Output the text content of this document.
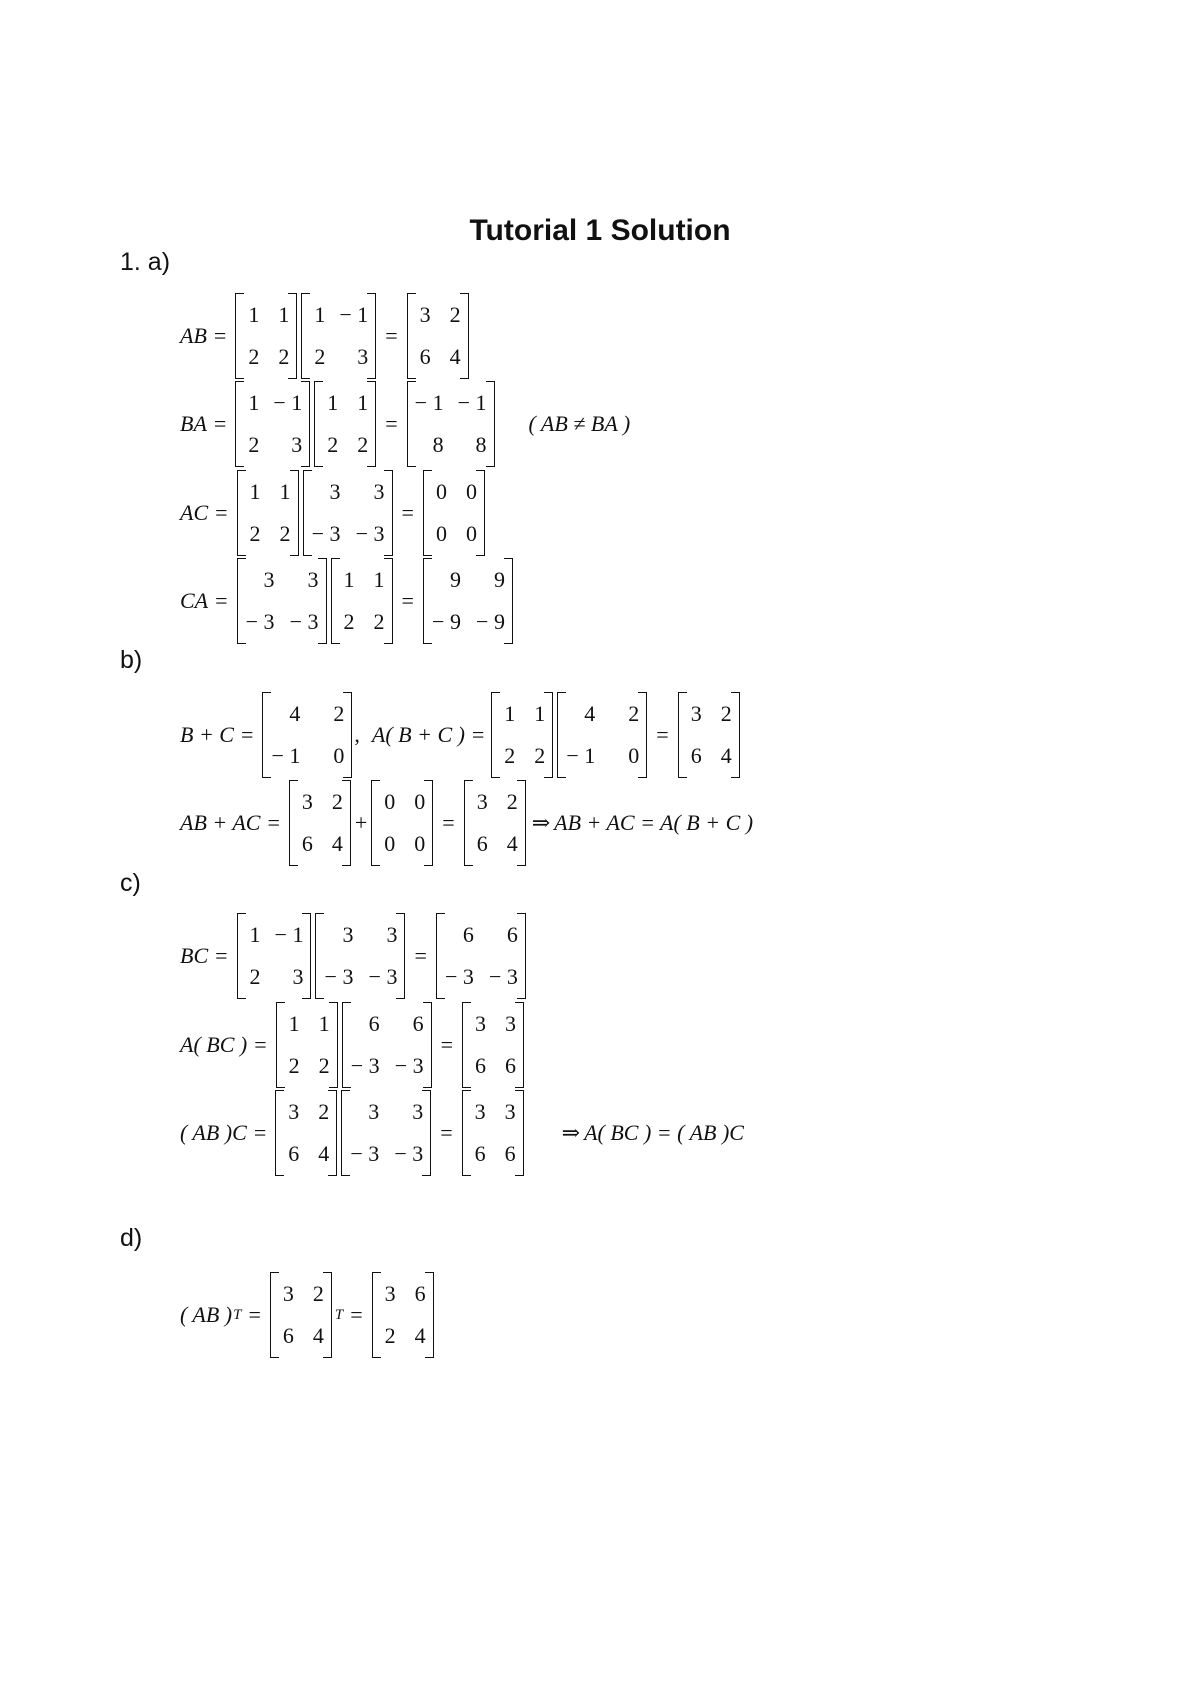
Tutorial 1 Solution
1. a)
AB =
1 1
2 2
1 − 1
2	3
=
3 2
6 4
BA =
1 − 1
2	3
1 1
2 2
=
− 1 − 1
8	8
( AB ≠ BA )
AC =
1 1
2 2
3	3
− 3 − 3
=
0 0
0 0
CA =
3	3
− 3 − 3
1 1
2 2
=
9	9
− 9 − 9
b)
B + C =
4	2
− 1	0
, A( B + C ) =
1 1
2 2
4	2
− 1	0
=
3 2
6 4
AB + AC =
3 2
6 4
+
0 0
0 0
=
3 2
6 4
⇒ AB + AC = A( B + C )
c)
BC =
1 − 1
2	3
3	3
− 3 − 3
=
6	6
− 3 − 3
A( BC ) =
1 1
2 2
6	6
− 3 − 3
=
3 3
6 6
( AB )C =
3 2
6 4
3	3
− 3 − 3
=
3 3
6 6
⇒ A( BC ) = ( AB )C
d)
( AB ) T =
3 2
6 4
T =
3 6
2 4
